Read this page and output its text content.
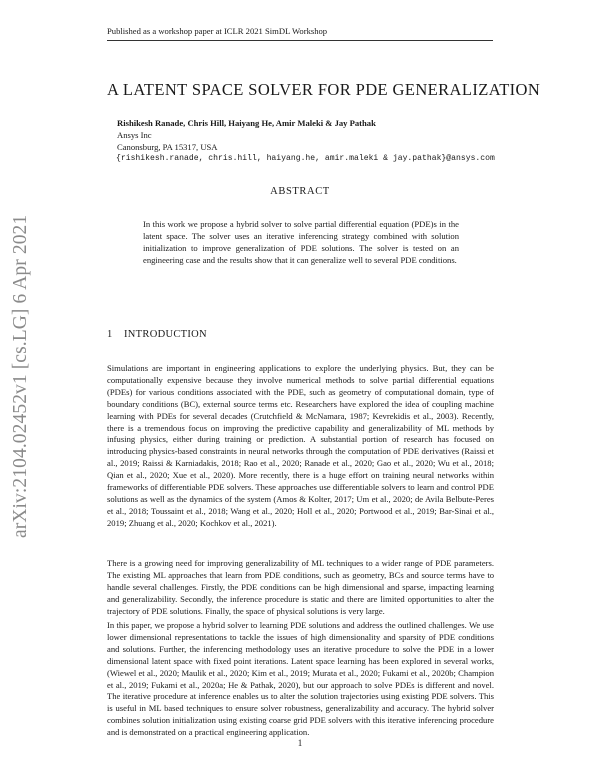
Published as a workshop paper at ICLR 2021 SimDL Workshop
arXiv:2104.02452v1 [cs.LG] 6 Apr 2021
A LATENT SPACE SOLVER FOR PDE GENERALIZATION
Rishikesh Ranade, Chris Hill, Haiyang He, Amir Maleki & Jay Pathak
Ansys Inc
Canonsburg, PA 15317, USA
{rishikesh.ranade, chris.hill, haiyang.he, amir.maleki & jay.pathak}@ansys.com
ABSTRACT
In this work we propose a hybrid solver to solve partial differential equation (PDE)s in the latent space. The solver uses an iterative inferencing strategy combined with solution initialization to improve generalization of PDE solutions. The solver is tested on an engineering case and the results show that it can generalize well to several PDE conditions.
1 INTRODUCTION

Simulations are important in engineering applications to explore the underlying physics. But, they can be computationally expensive because they involve numerical methods to solve partial differential equations (PDEs) for various conditions associated with the PDE, such as geometry of computational domain, type of boundary conditions (BC), external source terms etc. Researchers have explored the idea of coupling machine learning with PDEs for several decades (Crutchfield & McNamara, 1987; Kevrekidis et al., 2003). Recently, there is a tremendous focus on improving the predictive capability and generalizability of ML methods by infusing physics, either during training or prediction. A substantial portion of research has focused on introducing physics-based constraints in neural networks through the computation of PDE derivatives (Raissi et al., 2019; Raissi & Karniadakis, 2018; Rao et al., 2020; Ranade et al., 2020; Gao et al., 2020; Wu et al., 2018; Qian et al., 2020; Xue et al., 2020). More recently, there is a huge effort on training neural networks within frameworks of differentiable PDE solvers. These approaches use differentiable solvers to learn and control PDE solutions as well as the dynamics of the system (Amos & Kolter, 2017; Um et al., 2020; de Avila Belbute-Peres et al., 2018; Toussaint et al., 2018; Wang et al., 2020; Holl et al., 2020; Portwood et al., 2019; Bar-Sinai et al., 2019; Zhuang et al., 2020; Kochkov et al., 2021).

There is a growing need for improving generalizability of ML techniques to a wider range of PDE parameters. The existing ML approaches that learn from PDE conditions, such as geometry, BCs and source terms have to handle several challenges. Firstly, the PDE conditions can be high dimensional and sparse, impacting learning and generalizability. Secondly, the inference procedure is static and there are limited opportunities to alter the trajectory of PDE solutions. Finally, the space of physical solutions is very large.

In this paper, we propose a hybrid solver to learning PDE solutions and address the outlined challenges. We use lower dimensional representations to tackle the issues of high dimensionality and sparsity of PDE conditions and solutions. Further, the inferencing methodology uses an iterative procedure to solve the PDE in a lower dimensional latent space with fixed point iterations. Latent space learning has been explored in several works, (Wiewel et al., 2020; Maulik et al., 2020; Kim et al., 2019; Murata et al., 2020; Fukami et al., 2020b; Champion et al., 2019; Fukami et al., 2020a; He & Pathak, 2020), but our approach to solve PDEs is different and novel. The iterative procedure at inference enables us to alter the solution trajectories using existing PDE solvers. This is useful in ML based techniques to ensure solver robustness, generalizability and accuracy. The hybrid solver combines solution initialization using existing coarse grid PDE solvers with this iterative inferencing procedure and is demonstrated on a practical engineering application.

1
